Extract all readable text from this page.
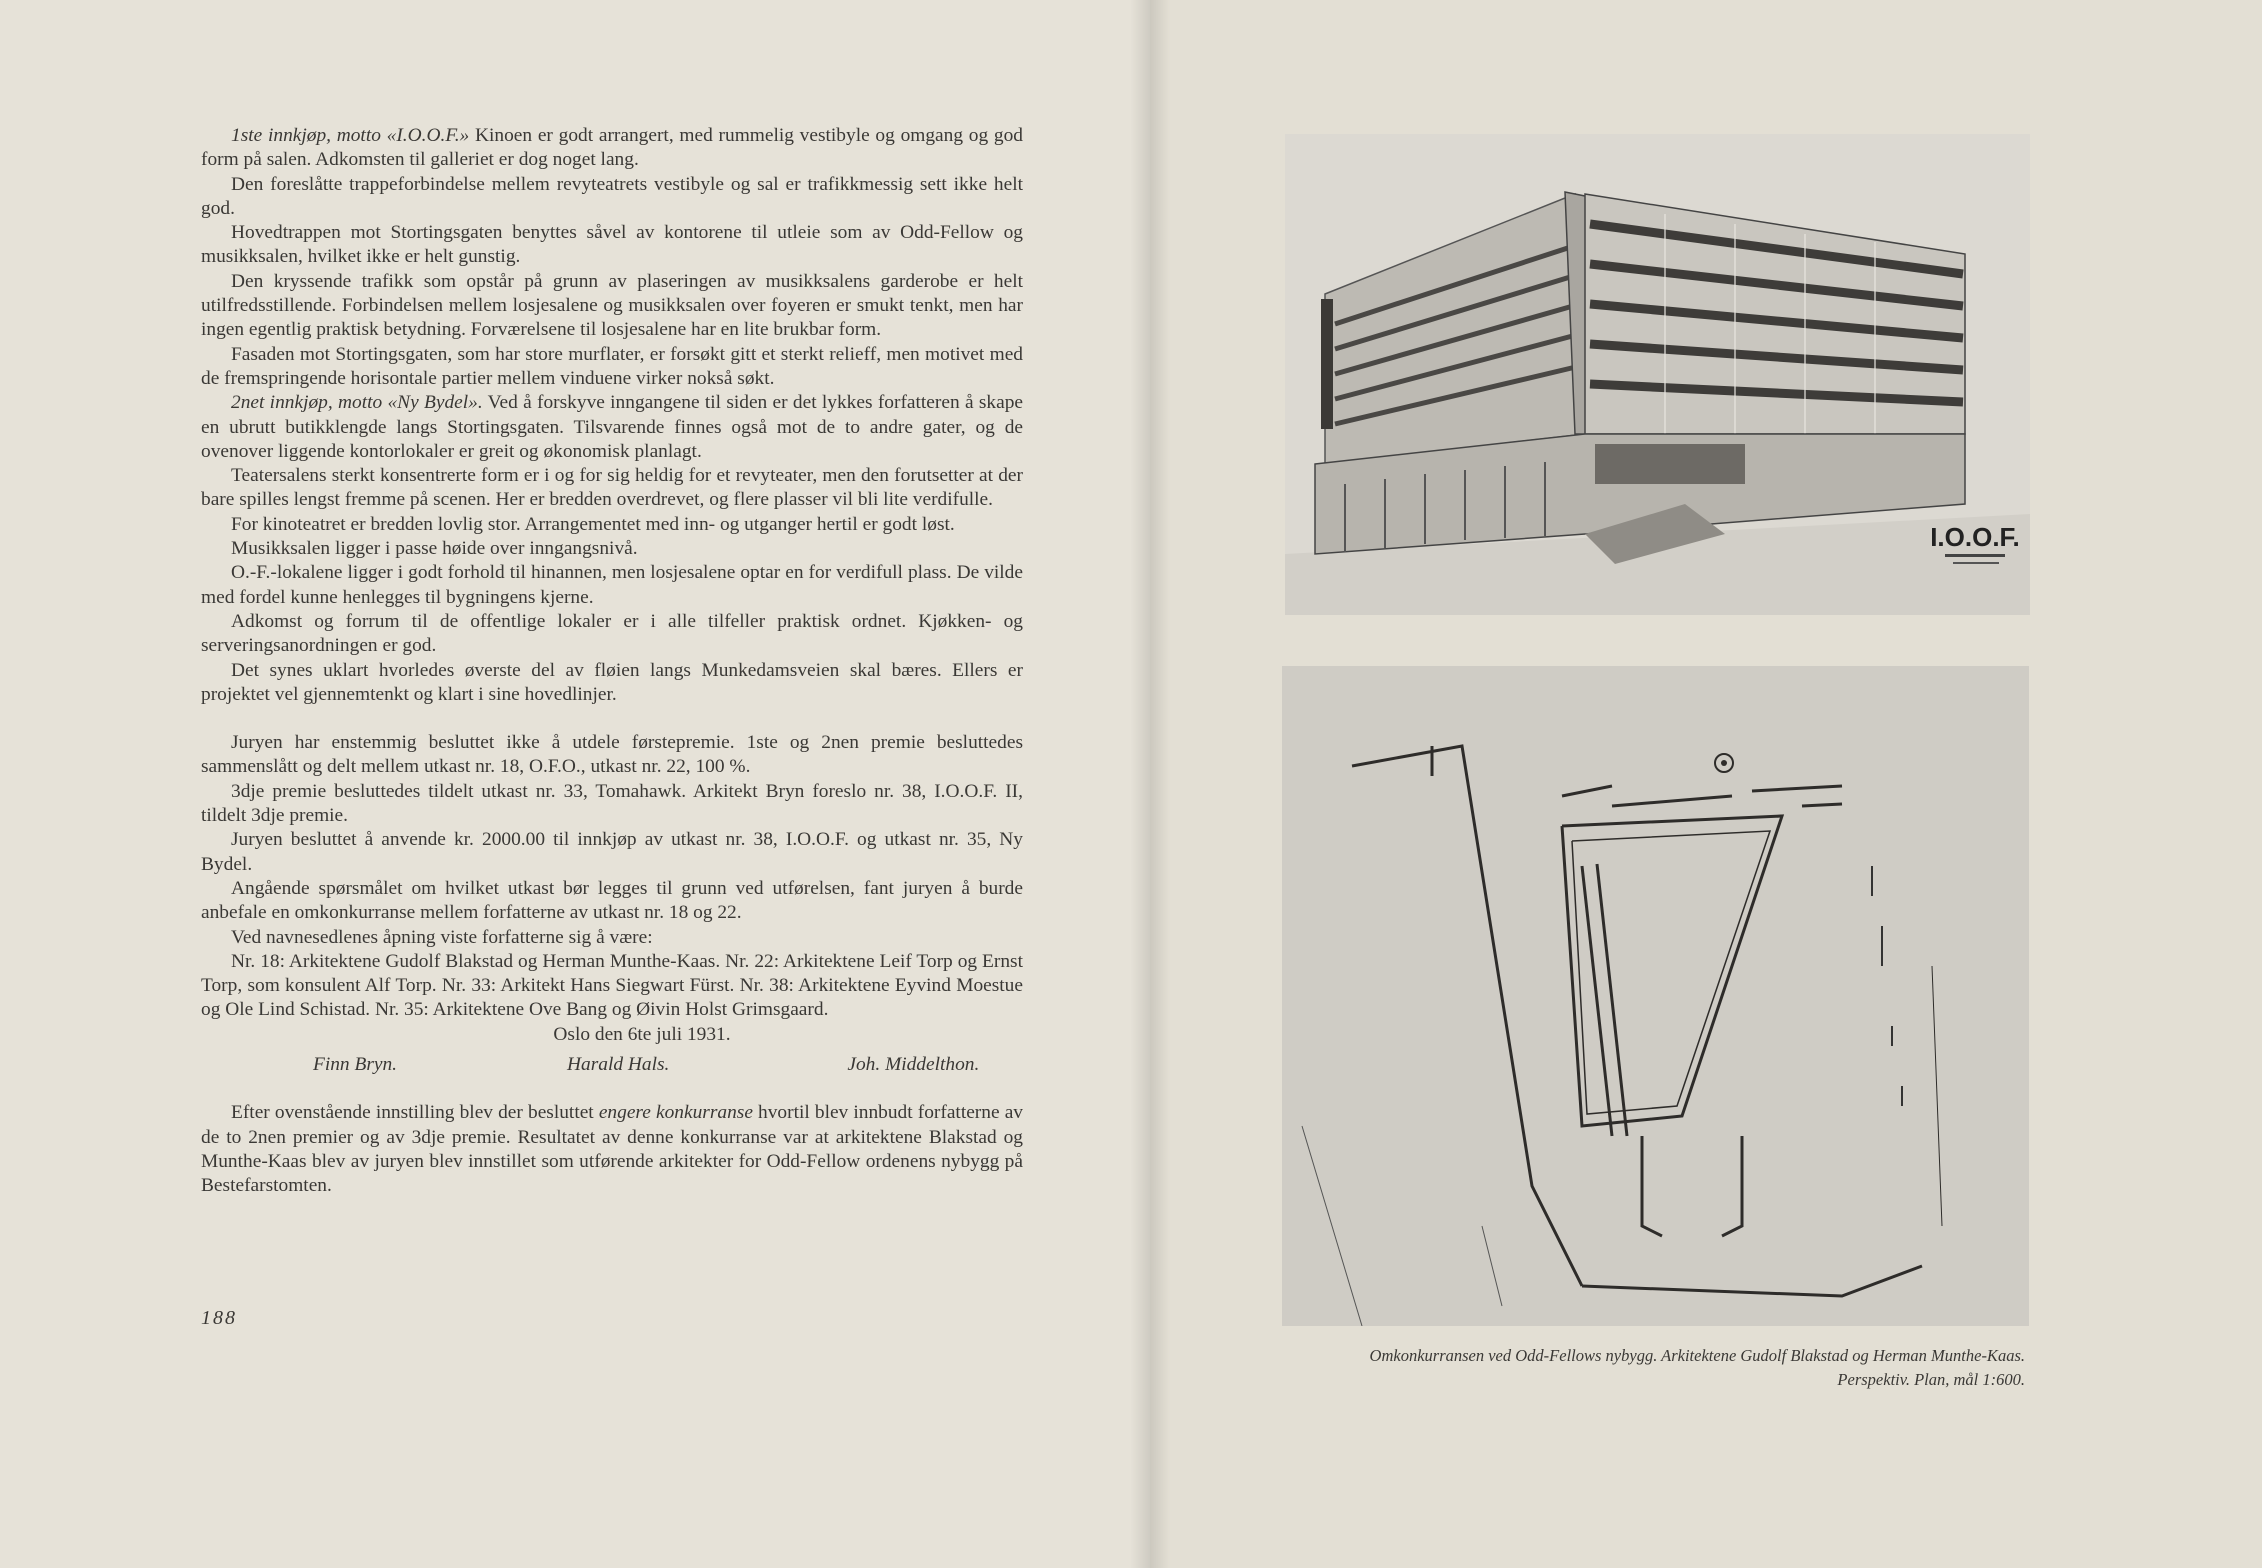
1ste innkjøp, motto «I.O.O.F.» Kinoen er godt arrangert, med rummelig vestibyle og omgang og god form på salen. Adkomsten til galleriet er dog noget lang.

Den foreslåtte trappeforbindelse mellem revyteatrets vestibyle og sal er trafikkmessig sett ikke helt god.

Hovedtrappen mot Stortingsgaten benyttes såvel av kontorene til utleie som av Odd-Fellow og musikksalen, hvilket ikke er helt gunstig.

Den kryssende trafikk som opstår på grunn av plaseringen av musikksalens garderobe er helt utilfredsstillende. Forbindelsen mellem losjesalene og musikksalen over foyeren er smukt tenkt, men har ingen egentlig praktisk betydning. Forværelsene til losjesalene har en lite brukbar form.

Fasaden mot Stortingsgaten, som har store murflater, er forsøkt gitt et sterkt relieff, men motivet med de fremspringende horisontale partier mellem vinduene virker nokså søkt.

2net innkjøp, motto «Ny Bydel». Ved å forskyve inngangene til siden er det lykkes forfatteren å skape en ubrutt butikklengde langs Stortingsgaten. Tilsvarende finnes også mot de to andre gater, og de ovenover liggende kontorlokaler er greit og økonomisk planlagt.

Teatersalens sterkt konsentrerte form er i og for sig heldig for et revyteater, men den forutsetter at der bare spilles lengst fremme på scenen. Her er bredden overdrevet, og flere plasser vil bli lite verdifulle.

For kinoteatret er bredden lovlig stor. Arrangementet med inn- og utganger hertil er godt løst.

Musikksalen ligger i passe høide over inngangsnivå.

O.-F.-lokalene ligger i godt forhold til hinannen, men losjesalene optar en for verdifull plass. De vilde med fordel kunne henlegges til bygningens kjerne.

Adkomst og forrum til de offentlige lokaler er i alle tilfeller praktisk ordnet. Kjøkken- og serveringsanordningen er god.

Det synes uklart hvorledes øverste del av fløien langs Munkedamsveien skal bæres. Ellers er projektet vel gjennemtenkt og klart i sine hovedlinjer.

Juryen har enstemmig besluttet ikke å utdele førstepremie. 1ste og 2nen premie besluttedes sammenslått og delt mellem utkast nr. 18, O.F.O., utkast nr. 22, 100 %.

3dje premie besluttedes tildelt utkast nr. 33, Tomahawk. Arkitekt Bryn foreslo nr. 38, I.O.O.F. II, tildelt 3dje premie.

Juryen besluttet å anvende kr. 2000.00 til innkjøp av utkast nr. 38, I.O.O.F. og utkast nr. 35, Ny Bydel.

Angående spørsmålet om hvilket utkast bør legges til grunn ved utførelsen, fant juryen å burde anbefale en omkonkurranse mellem forfatterne av utkast nr. 18 og 22.

Ved navnesedlenes åpning viste forfatterne sig å være:

Nr. 18: Arkitektene Gudolf Blakstad og Herman Munthe-Kaas. Nr. 22: Arkitektene Leif Torp og Ernst Torp, som konsulent Alf Torp. Nr. 33: Arkitekt Hans Siegwart Fürst. Nr. 38: Arkitektene Eyvind Moestue og Ole Lind Schistad. Nr. 35: Arkitektene Ove Bang og Øivin Holst Grimsgaard.

Oslo den 6te juli 1931.

Finn Bryn.	Harald Hals.	Joh. Middelthon.

Efter ovenstående innstilling blev der besluttet engere konkurranse hvortil blev innbudt forfatterne av de to 2nen premier og av 3dje premie. Resultatet av denne konkurranse var at arkitektene Blakstad og Munthe-Kaas blev av juryen blev innstillet som utførende arkitekter for Odd-Fellow ordenens nybygg på Bestefarstomten.

188
I.O.O.F.
Omkonkurransen ved Odd-Fellows nybygg. Arkitektene Gudolf Blakstad og Herman Munthe-Kaas.
Perspektiv. Plan, mål 1:600.
